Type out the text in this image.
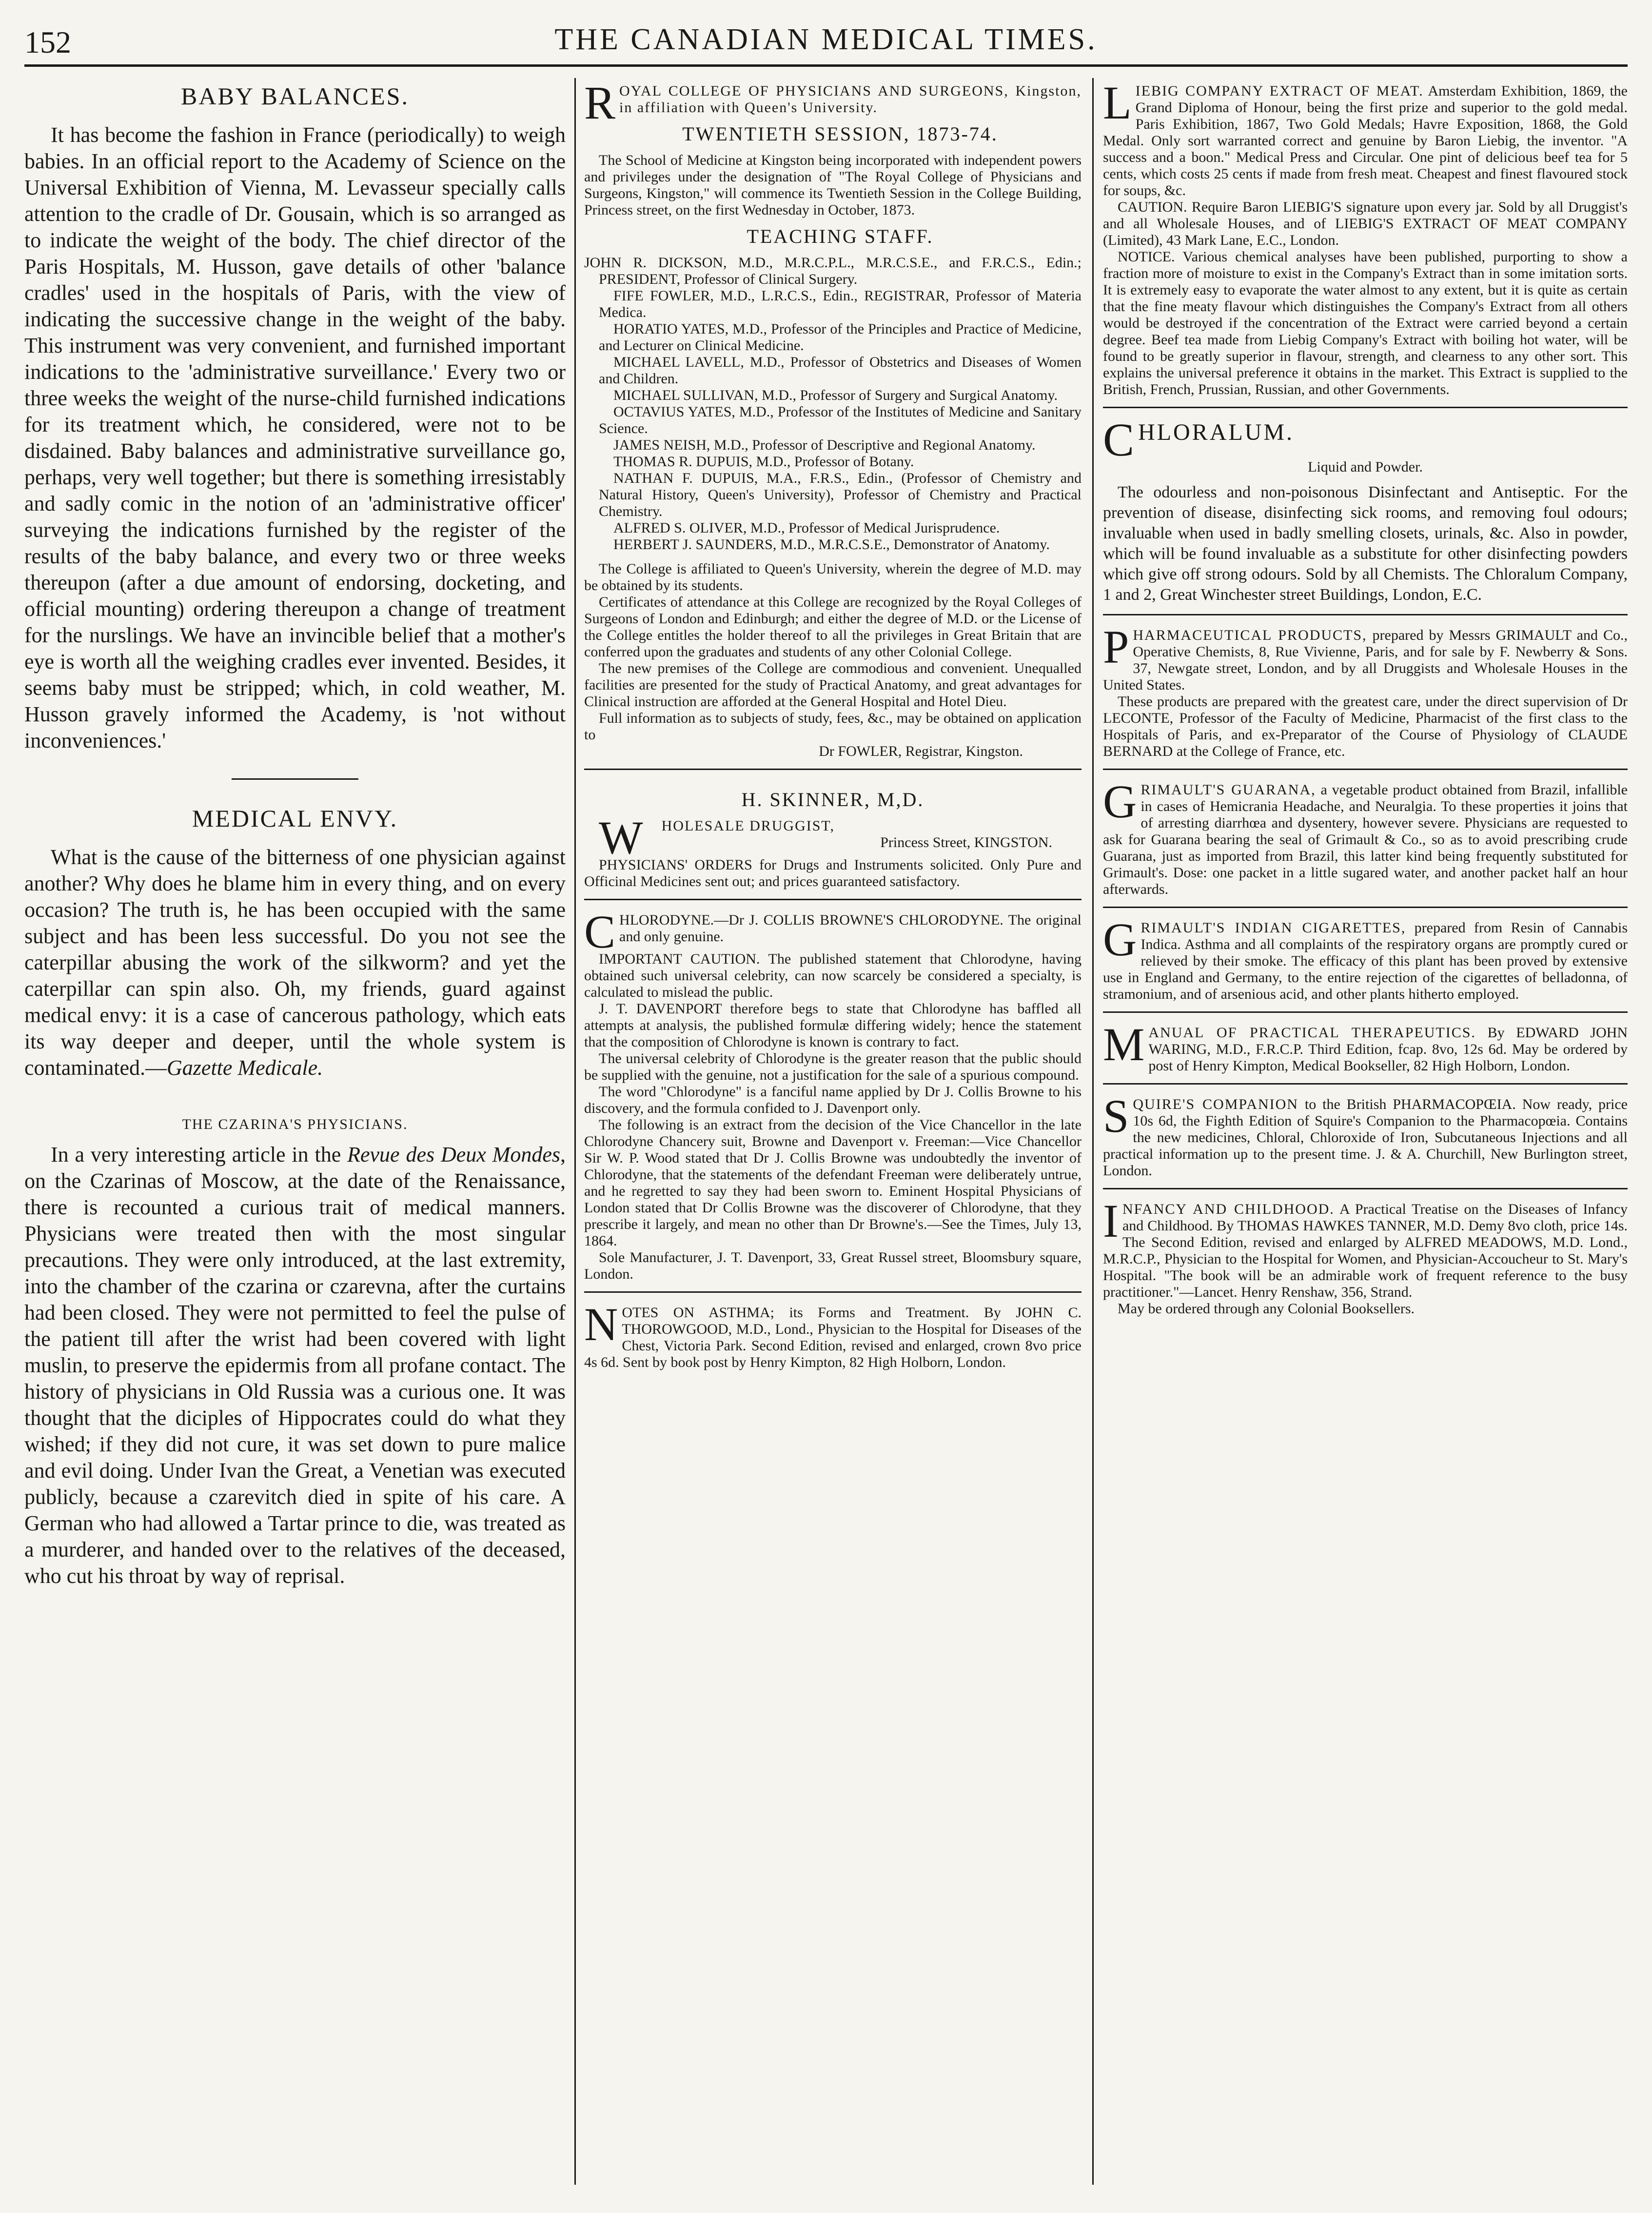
152	THE CANADIAN MEDICAL TIMES.
BABY BALANCES.

It has become the fashion in France (periodically) to weigh babies. In an official report to the Academy of Science on the Universal Exhibition of Vienna, M. Levasseur specially calls attention to the cradle of Dr. Gousain, which is so arranged as to indicate the weight of the body. The chief director of the Paris Hospitals, M. Husson, gave details of other 'balance cradles' used in the hospitals of Paris, with the view of indicating the successive change in the weight of the baby. This instrument was very convenient, and furnished important indications to the 'administrative surveillance.' Every two or three weeks the weight of the nurse-child furnished indications for its treatment which, he considered, were not to be disdained. Baby balances and administrative surveillance go, perhaps, very well together; but there is something irresistably and sadly comic in the notion of an 'administrative officer' surveying the indications furnished by the register of the results of the baby balance, and every two or three weeks thereupon (after a due amount of endorsing, docketing, and official mounting) ordering thereupon a change of treatment for the nurslings. We have an invincible belief that a mother's eye is worth all the weighing cradles ever invented. Besides, it seems baby must be stripped; which, in cold weather, M. Husson gravely informed the Academy, is 'not without inconveniences.'

MEDICAL ENVY.

What is the cause of the bitterness of one physician against another? Why does he blame him in every thing, and on every occasion? The truth is, he has been occupied with the same subject and has been less successful. Do you not see the caterpillar abusing the work of the silkworm? and yet the caterpillar can spin also. Oh, my friends, guard against medical envy: it is a case of cancerous pathology, which eats its way deeper and deeper, until the whole system is contaminated.—Gazette Medicale.

THE CZARINA'S PHYSICIANS.

In a very interesting article in the Revue des Deux Mondes, on the Czarinas of Moscow, at the date of the Renaissance, there is recounted a curious trait of medical manners. Physicians were treated then with the most singular precautions. They were only introduced, at the last extremity, into the chamber of the czarina or czarevna, after the curtains had been closed. They were not permitted to feel the pulse of the patient till after the wrist had been covered with light muslin, to preserve the epidermis from all profane contact. The history of physicians in Old Russia was a curious one. It was thought that the diciples of Hippocrates could do what they wished; if they did not cure, it was set down to pure malice and evil doing. Under Ivan the Great, a Venetian was executed publicly, because a czarevitch died in spite of his care. A German who had allowed a Tartar prince to die, was treated as a murderer, and handed over to the relatives of the deceased, who cut his throat by way of reprisal.

ROYAL COLLEGE OF PHYSICIANS AND SURGEONS, Kingston, in affiliation with Queen's University.

TWENTIETH SESSION, 1873-74.

The School of Medicine at Kingston being incorporated with independent powers and privileges under the designation of "The Royal College of Physicians and Surgeons, Kingston," will commence its Twentieth Session in the College Building, Princess street, on the first Wednesday in October, 1873.

TEACHING STAFF.

JOHN R. DICKSON, M.D., M.R.C.P.L., M.R.C.S.E., and F.R.C.S., Edin.; PRESIDENT, Professor of Clinical Surgery.

FIFE FOWLER, M.D., L.R.C.S., Edin., REGISTRAR, Professor of Materia Medica.

HORATIO YATES, M.D., Professor of the Principles and Practice of Medicine, and Lecturer on Clinical Medicine.

MICHAEL LAVELL, M.D., Professor of Obstetrics and Diseases of Women and Children.

MICHAEL SULLIVAN, M.D., Professor of Surgery and Surgical Anatomy.

OCTAVIUS YATES, M.D., Professor of the Institutes of Medicine and Sanitary Science.

JAMES NEISH, M.D., Professor of Descriptive and Regional Anatomy.

THOMAS R. DUPUIS, M.D., Professor of Botany.

NATHAN F. DUPUIS, M.A., F.R.S., Edin., (Professor of Chemistry and Natural History, Queen's University), Professor of Chemistry and Practical Chemistry.

ALFRED S. OLIVER, M.D., Professor of Medical Jurisprudence.

HERBERT J. SAUNDERS, M.D., M.R.C.S.E., Demonstrator of Anatomy.

The College is affiliated to Queen's University, wherein the degree of M.D. may be obtained by its students.

Certificates of attendance at this College are recognized by the Royal Colleges of Surgeons of London and Edinburgh; and either the degree of M.D. or the License of the College entitles the holder thereof to all the privileges in Great Britain that are conferred upon the graduates and students of any other Colonial College.

The new premises of the College are commodious and convenient. Unequalled facilities are presented for the study of Practical Anatomy, and great advantages for Clinical instruction are afforded at the General Hospital and Hotel Dieu.

Full information as to subjects of study, fees, &c., may be obtained on application to

Dr FOWLER, Registrar, Kingston.

H. SKINNER, M,D.

W HOLESALE DRUGGIST,

Princess Street, KINGSTON.

PHYSICIANS' ORDERS for Drugs and Instruments solicited. Only Pure and Officinal Medicines sent out; and prices guaranteed satisfactory.

CHLORODYNE.—Dr J. COLLIS BROWNE'S CHLORODYNE. The original and only genuine.

IMPORTANT CAUTION. The published statement that Chlorodyne, having obtained such universal celebrity, can now scarcely be considered a specialty, is calculated to mislead the public.

J. T. DAVENPORT therefore begs to state that Chlorodyne has baffled all attempts at analysis, the published formulæ differing widely; hence the statement that the composition of Chlorodyne is known is contrary to fact.

The universal celebrity of Chlorodyne is the greater reason that the public should be supplied with the genuine, not a justification for the sale of a spurious compound.

The word "Chlorodyne" is a fanciful name applied by Dr J. Collis Browne to his discovery, and the formula confided to J. Davenport only.

The following is an extract from the decision of the Vice Chancellor in the late Chlorodyne Chancery suit, Browne and Davenport v. Freeman:—Vice Chancellor Sir W. P. Wood stated that Dr J. Collis Browne was undoubtedly the inventor of Chlorodyne, that the statements of the defendant Freeman were deliberately untrue, and he regretted to say they had been sworn to. Eminent Hospital Physicians of London stated that Dr Collis Browne was the discoverer of Chlorodyne, that they prescribe it largely, and mean no other than Dr Browne's.—See the Times, July 13, 1864.

Sole Manufacturer, J. T. Davenport, 33, Great Russel street, Bloomsbury square, London.

NOTES ON ASTHMA; its Forms and Treatment. By JOHN C. THOROWGOOD, M.D., Lond., Physician to the Hospital for Diseases of the Chest, Victoria Park. Second Edition, revised and enlarged, crown 8vo price 4s 6d. Sent by book post by Henry Kimpton, 82 High Holborn, London.

LIEBIG COMPANY EXTRACT OF MEAT. Amsterdam Exhibition, 1869, the Grand Diploma of Honour, being the first prize and superior to the gold medal. Paris Exhibition, 1867, Two Gold Medals; Havre Exposition, 1868, the Gold Medal. Only sort warranted correct and genuine by Baron Liebig, the inventor. "A success and a boon." Medical Press and Circular. One pint of delicious beef tea for 5 cents, which costs 25 cents if made from fresh meat. Cheapest and finest flavoured stock for soups, &c.

CAUTION. Require Baron LIEBIG'S signature upon every jar. Sold by all Druggist's and all Wholesale Houses, and of LIEBIG'S EXTRACT OF MEAT COMPANY (Limited), 43 Mark Lane, E.C., London.

NOTICE. Various chemical analyses have been published, purporting to show a fraction more of moisture to exist in the Company's Extract than in some imitation sorts. It is extremely easy to evaporate the water almost to any extent, but it is quite as certain that the fine meaty flavour which distinguishes the Company's Extract from all others would be destroyed if the concentration of the Extract were carried beyond a certain degree. Beef tea made from Liebig Company's Extract with boiling hot water, will be found to be greatly superior in flavour, strength, and clearness to any other sort. This explains the universal preference it obtains in the market. This Extract is supplied to the British, French, Prussian, Russian, and other Governments.

CHLORALUM.

Liquid and Powder.

The odourless and non-poisonous Disinfectant and Antiseptic. For the prevention of disease, disinfecting sick rooms, and removing foul odours; invaluable when used in badly smelling closets, urinals, &c. Also in powder, which will be found invaluable as a substitute for other disinfecting powders which give off strong odours. Sold by all Chemists. The Chloralum Company, 1 and 2, Great Winchester street Buildings, London, E.C.

PHARMACEUTICAL PRODUCTS, prepared by Messrs GRIMAULT and Co., Operative Chemists, 8, Rue Vivienne, Paris, and for sale by F. Newberry & Sons. 37, Newgate street, London, and by all Druggists and Wholesale Houses in the United States.

These products are prepared with the greatest care, under the direct supervision of Dr LECONTE, Professor of the Faculty of Medicine, Pharmacist of the first class to the Hospitals of Paris, and ex-Preparator of the Course of Physiology of CLAUDE BERNARD at the College of France, etc.

GRIMAULT'S GUARANA, a vegetable product obtained from Brazil, infallible in cases of Hemicrania Headache, and Neuralgia. To these properties it joins that of arresting diarrhœa and dysentery, however severe. Physicians are requested to ask for Guarana bearing the seal of Grimault & Co., so as to avoid prescribing crude Guarana, just as imported from Brazil, this latter kind being frequently substituted for Grimault's. Dose: one packet in a little sugared water, and another packet half an hour afterwards.

GRIMAULT'S INDIAN CIGARETTES, prepared from Resin of Cannabis Indica. Asthma and all complaints of the respiratory organs are promptly cured or relieved by their smoke. The efficacy of this plant has been proved by extensive use in England and Germany, to the entire rejection of the cigarettes of belladonna, of stramonium, and of arsenious acid, and other plants hitherto employed.

MANUAL OF PRACTICAL THERAPEUTICS. By EDWARD JOHN WARING, M.D., F.R.C.P. Third Edition, fcap. 8vo, 12s 6d. May be ordered by post of Henry Kimpton, Medical Bookseller, 82 High Holborn, London.

SQUIRE'S COMPANION to the British PHARMACOPŒIA. Now ready, price 10s 6d, the Fighth Edition of Squire's Companion to the Pharmacopœia. Contains the new medicines, Chloral, Chloroxide of Iron, Subcutaneous Injections and all practical information up to the present time. J. & A. Churchill, New Burlington street, London.

INFANCY AND CHILDHOOD. A Practical Treatise on the Diseases of Infancy and Childhood. By THOMAS HAWKES TANNER, M.D. Demy 8vo cloth, price 14s. The Second Edition, revised and enlarged by ALFRED MEADOWS, M.D. Lond., M.R.C.P., Physician to the Hospital for Women, and Physician-Accoucheur to St. Mary's Hospital. "The book will be an admirable work of frequent reference to the busy practitioner."—Lancet. Henry Renshaw, 356, Strand.

May be ordered through any Colonial Booksellers.
